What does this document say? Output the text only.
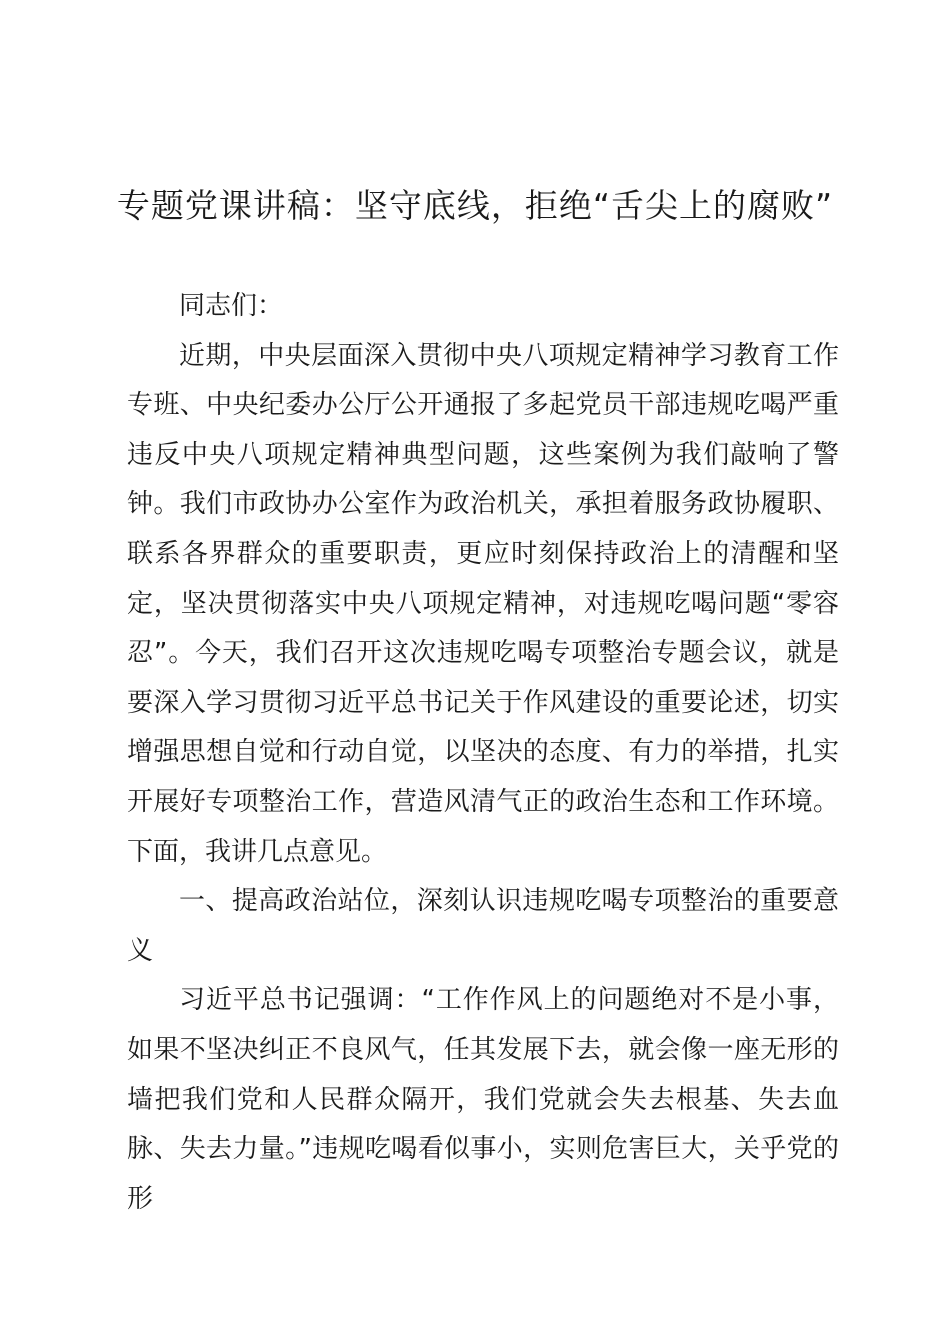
专题党课讲稿：坚守底线，拒绝“舌尖上的腐败”

同志们：

近期，中央层面深入贯彻中央八项规定精神学习教育工作专班、中央纪委办公厅公开通报了多起党员干部违规吃喝严重违反中央八项规定精神典型问题，这些案例为我们敲响了警钟。我们市政协办公室作为政治机关，承担着服务政协履职、联系各界群众的重要职责，更应时刻保持政治上的清醒和坚定，坚决贯彻落实中央八项规定精神，对违规吃喝问题“零容忍”。今天，我们召开这次违规吃喝专项整治专题会议，就是要深入学习贯彻习近平总书记关于作风建设的重要论述，切实增强思想自觉和行动自觉，以坚决的态度、有力的举措，扎实开展好专项整治工作，营造风清气正的政治生态和工作环境。下面，我讲几点意见。

一、提高政治站位，深刻认识违规吃喝专项整治的重要意义

习近平总书记强调：“工作作风上的问题绝对不是小事，如果不坚决纠正不良风气，任其发展下去，就会像一座无形的墙把我们党和人民群众隔开，我们党就会失去根基、失去血脉、失去力量。”违规吃喝看似事小，实则危害巨大，关乎党的形
